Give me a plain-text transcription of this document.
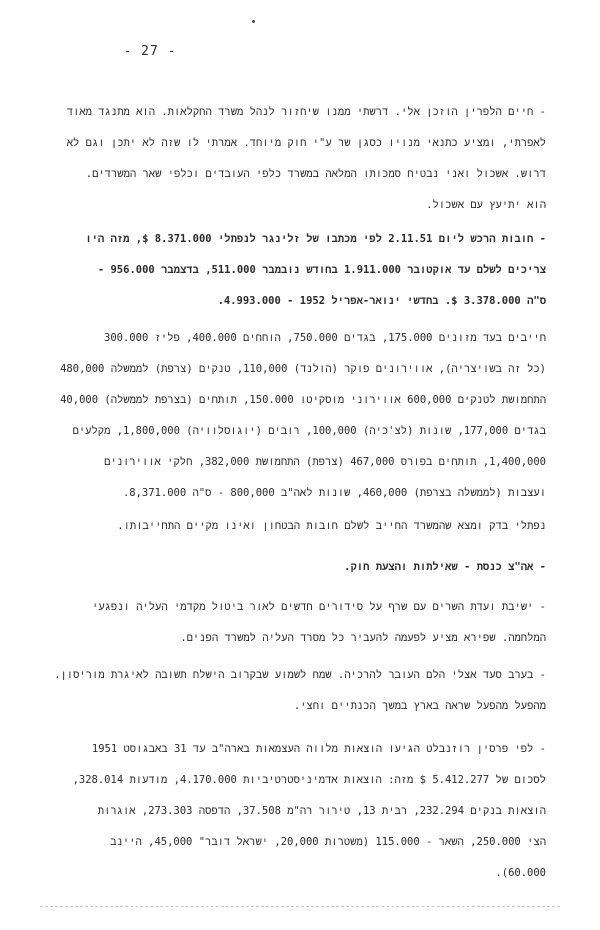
- 27 -
- חיים הלפרין הוזכן אלי. דרשתי ממנו שיחזור לנהל משרד החקלאות. הוא מתנגד מאוד
לאפרתי, ומציע כתנאי מנויו כסגן שר ע"י חוק מיוחד. אמרתי לו שזה לא יתכן וגם לא
דרוש. אשכול ואני נבטיח סמכותו המלאה במשרד כלפי העובדים וכלפי שאר המשרדים.
הוא יתיעץ עם אשכול.
- חובות הרכש ליום 2.11.51 לפי מכתבו של זלינגר לנפתלי 8.371.000 $, מזה היו
צריכים לשלם עד אוקטובר 1.911.000 בחודש נובמבר 511.000, בדצמבר 956.000 -
ס"ה 3.378.000 $. בחדשי ינואר-אפריל 1952 - 4.993.000.
חייבים בעד מזונים 175.000, בגדים 750.000, הוחחים 400.000, פליז 300.000
(כל זה בשויצריה), אווירונים פוקר (הולנד) 110,000, טנקים (צרפת) לממשלה 480,000
התחמושת לטנקים 600,000 אווירוני מוסקיטו 150.000, תותחים (בצרפת לממשלה) 40,000
בגדים 177,000, שונות (לצ'כיה) 100,000, רובים (יוגוסלוויה) 1,800,000, מקלעים
1,400,000, תותחים בפורס 467,000 (צרפת) התחמושת 382,000, חלקי אווירונים
ועצבות (לממשלה בצרפת) 460,000, שונות לאה"ב 800,000 - ס"ה 8,371.000.
נפתלי בדק ומצא שהמשרד החייב לשלם חובות הבטחון ואינו מקיים התחייבותו.
- אה"צ כנסת - שאילתות והצעת חוק.
- ישיבת ועדת השרים עם שרף על סידורים חדשים לאור ביטול מקדמי העליה ונפגעי
המלחמה. שפירא מציע לפעמה להעביר כל מסרד העליה למשרד הפנים.
- בערב סעד אצלי הלם העובר להרכיה. שמח לשמוע שבקרוב הישלח תשובה לאיגרת מוריסון.
מהפעל מהפעל שראה בארץ במשך הכנתיים וחצי.
- לפי פרסין רוזנבלט הגיעו הוצאות מלווה העצמאות בארה"ב עד 31 באבגוסט 1951
לסכום של 5.412.277 $ מזה: הוצאות אדמיניסטרטיביות 4.170.000, מודעות 328.014,
הוצאות בנקים 232.294, רבית 13, טירור רה"מ 37.508, הדפסה 273.303, אוגרות
הצי 250.000, השאר - 115.000 (משטרות 20,000, ישראל דובר" 45,000, היינב
60.000).
